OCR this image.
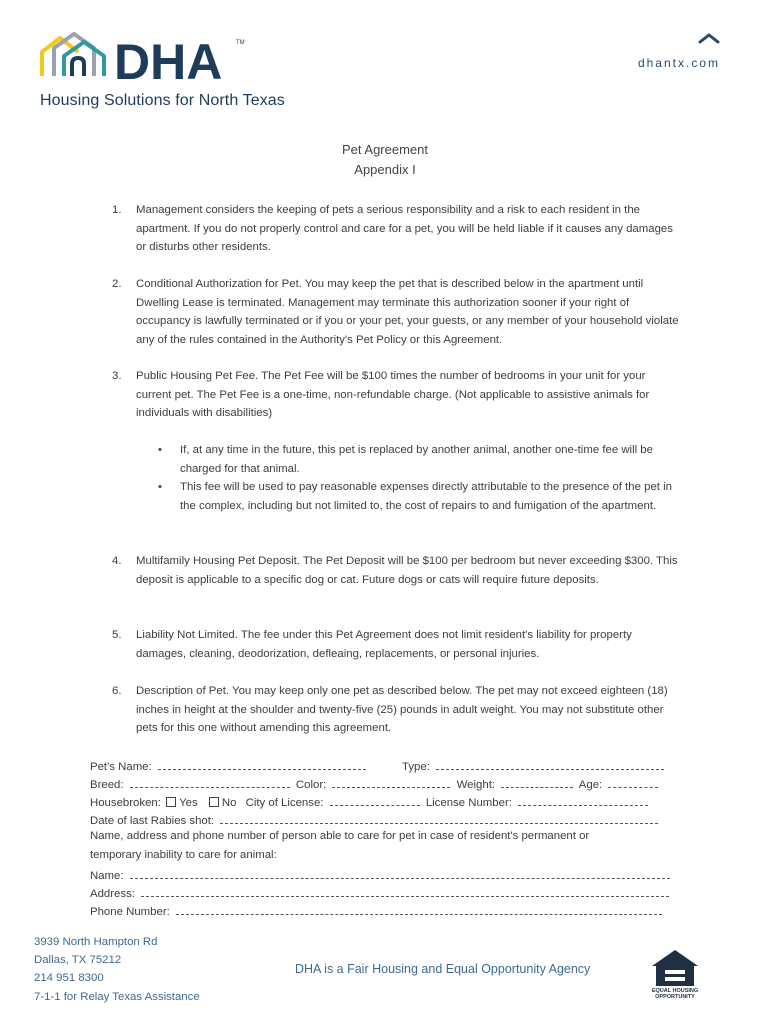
DHA TM
Housing Solutions for North Texas
dhantx.com
Pet Agreement
Appendix I
1. Management considers the keeping of pets a serious responsibility and a risk to each resident in the apartment. If you do not properly control and care for a pet, you will be held liable if it causes any damages or disturbs other residents.
2. Conditional Authorization for Pet. You may keep the pet that is described below in the apartment until Dwelling Lease is terminated. Management may terminate this authorization sooner if your right of occupancy is lawfully terminated or if you or your pet, your guests, or any member of your household violate any of the rules contained in the Authority's Pet Policy or this Agreement.
3. Public Housing Pet Fee. The Pet Fee will be $100 times the number of bedrooms in your unit for your current pet. The Pet Fee is a one-time, non-refundable charge. (Not applicable to assistive animals for individuals with disabilities)
• If, at any time in the future, this pet is replaced by another animal, another one-time fee will be charged for that animal.
• This fee will be used to pay reasonable expenses directly attributable to the presence of the pet in the complex, including but not limited to, the cost of repairs to and fumigation of the apartment.
4. Multifamily Housing Pet Deposit. The Pet Deposit will be $100 per bedroom but never exceeding $300. This deposit is applicable to a specific dog or cat. Future dogs or cats will require future deposits.
5. Liability Not Limited. The fee under this Pet Agreement does not limit resident's liability for property damages, cleaning, deodorization, defleaing, replacements, or personal injuries.
6. Description of Pet. You may keep only one pet as described below. The pet may not exceed eighteen (18) inches in height at the shoulder and twenty-five (25) pounds in adult weight. You may not substitute other pets for this one without amending this agreement.
Pet's Name:	Type:
Breed:	Color:	Weight:	Age:
Housebroken: Yes No City of License:	License Number:
Date of last Rabies shot:
Name, address and phone number of person able to care for pet in case of resident's permanent or
temporary inability to care for animal:
Name:
Address:
Phone Number:
3939 North Hampton Rd
Dallas, TX 75212
214 951 8300
7-1-1 for Relay Texas Assistance
DHA is a Fair Housing and Equal Opportunity Agency
EQUAL HOUSING
OPPORTUNITY
